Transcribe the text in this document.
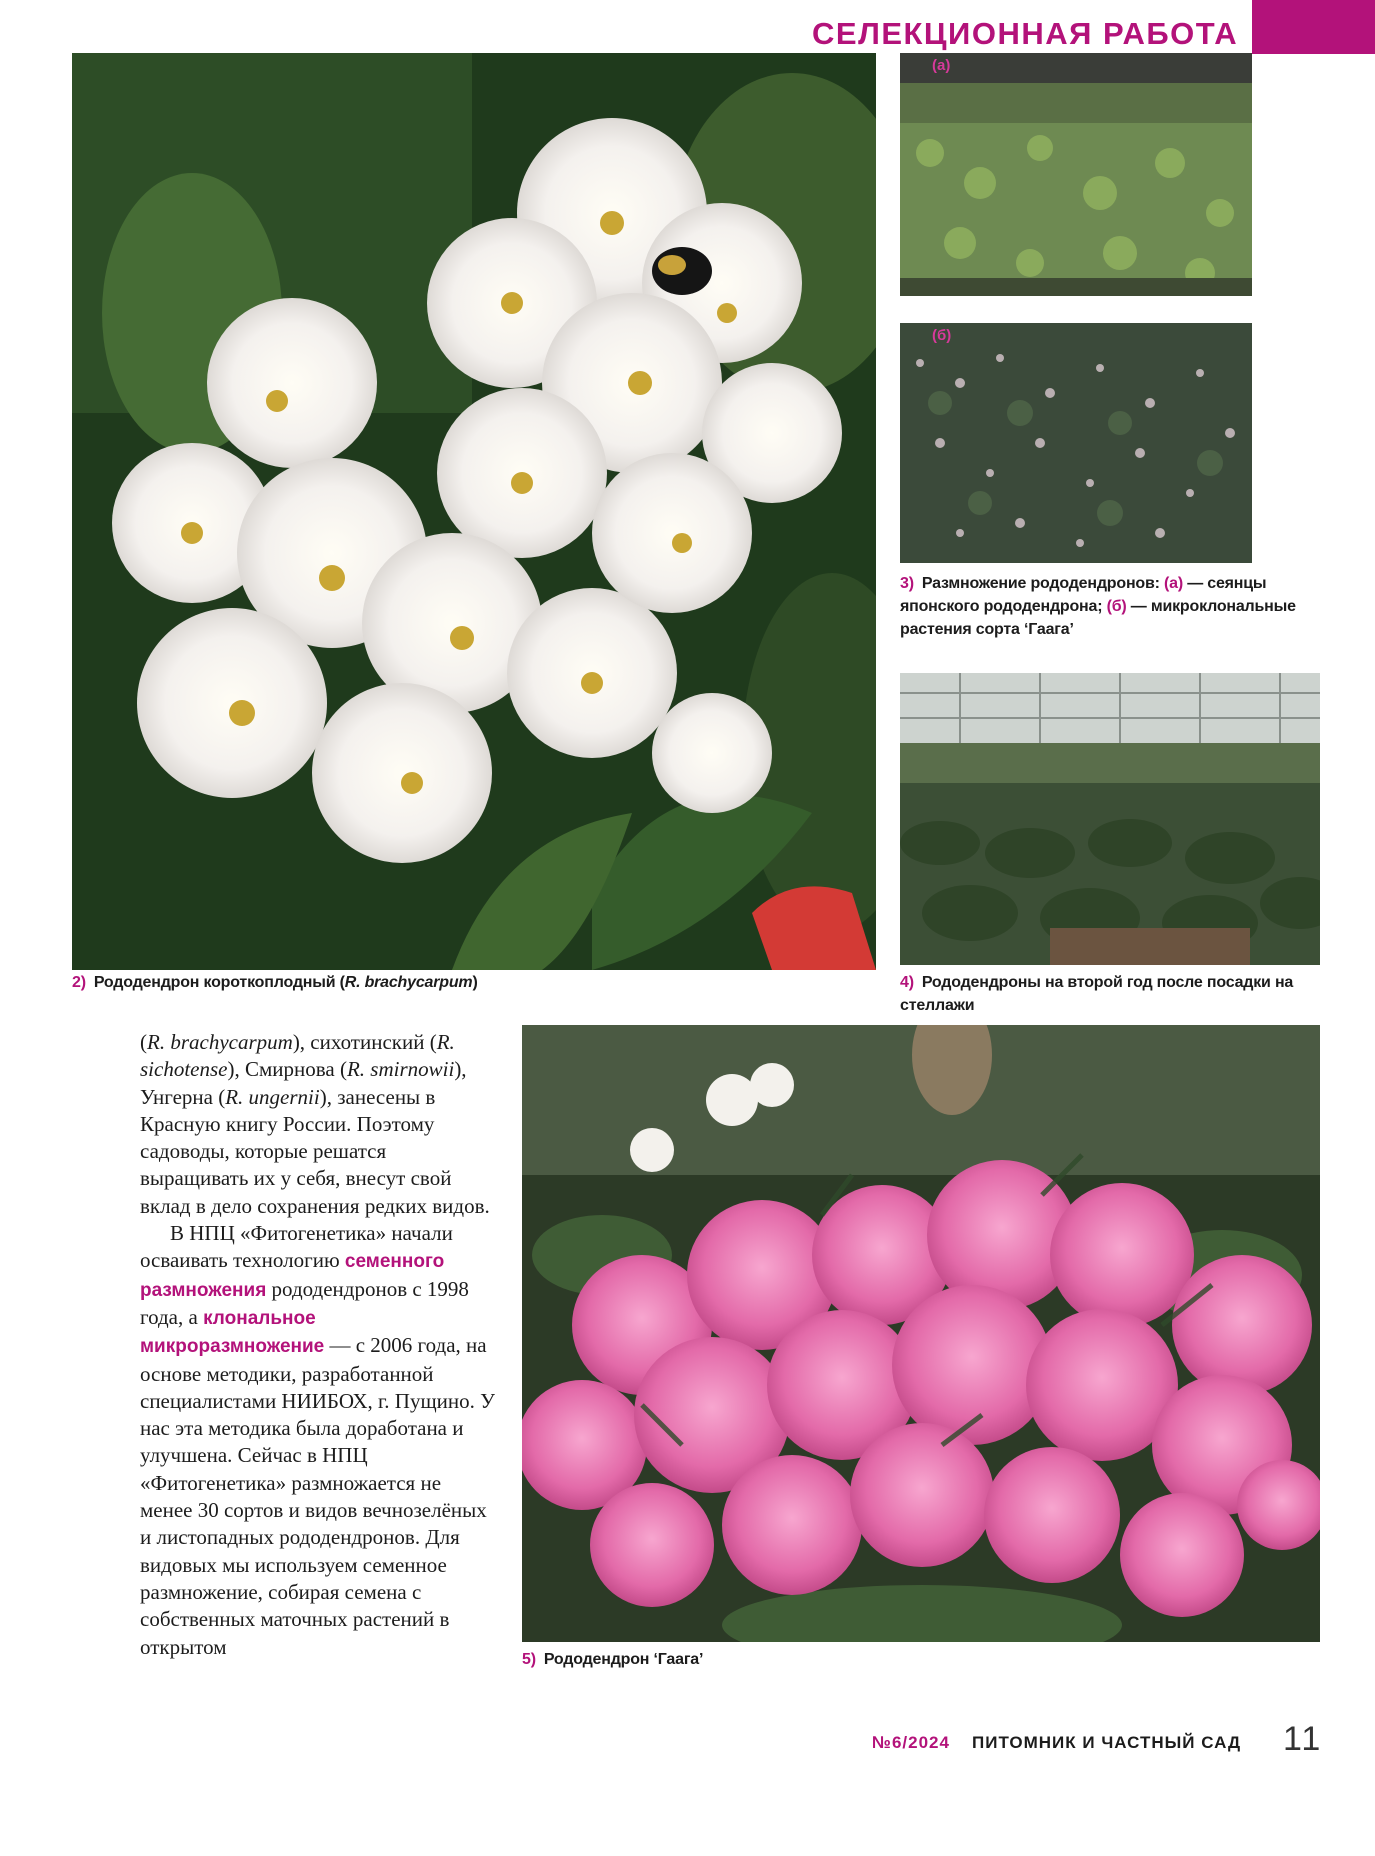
СЕЛЕКЦИОННАЯ РАБОТА
(а)
(б)
3) Размножение рододендронов: (а) — сеянцы японского рододендрона; (б) — микроклональные растения сорта ‘Гаага’
4) Рододендроны на второй год после посадки на стеллажи
2) Рододендрон короткоплодный (R. brachycarpum)
5) Рододендрон ‘Гаага’

(R. brachycarpum), сихотинский (R. sichotense), Смирнова (R. smirnowii), Унгерна (R. ungernii), занесены в Красную книгу России. Поэтому садоводы, которые решатся выращивать их у себя, внесут свой вклад в дело сохранения редких видов.

В НПЦ «Фитогенетика» начали осваивать технологию семенного размножения рододендронов с 1998 года, а клональное микроразмножение — с 2006 года, на основе методики, разработанной специалистами НИИБОХ, г. Пущино. У нас эта методика была доработана и улучшена. Сейчас в НПЦ «Фитогенетика» размножается не менее 30 сортов и видов вечнозелёных и листопадных рододендронов. Для видовых мы используем семенное размножение, собирая семена с собственных маточных растений в открытом

№6/2024 ПИТОМНИК И ЧАСТНЫЙ САД 11
